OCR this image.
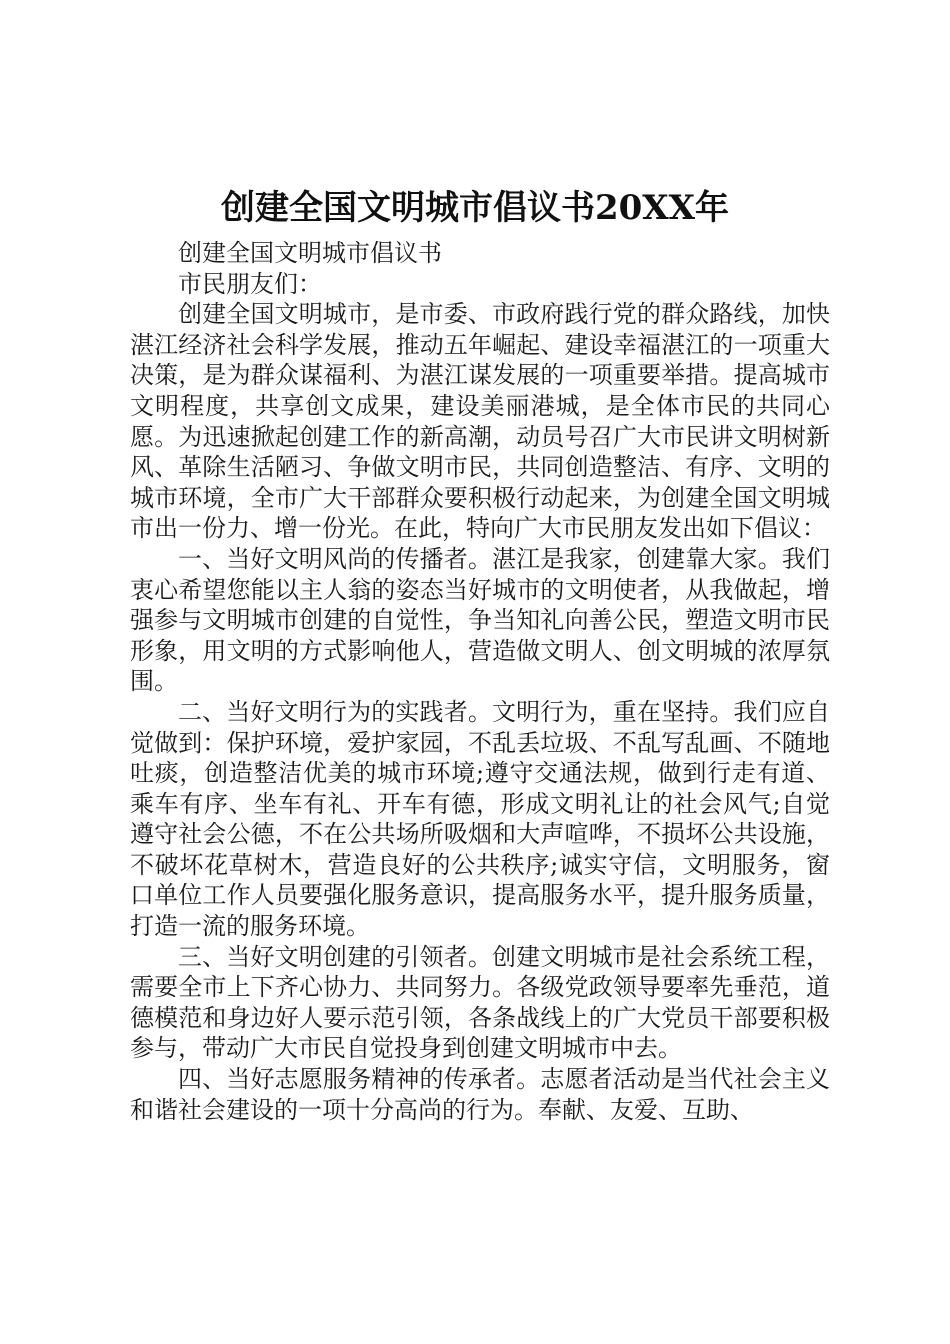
创建全国文明城市倡议书20XX年

创建全国文明城市倡议书

市民朋友们：

创建全国文明城市，是市委、市政府践行党的群众路线，加快湛江经济社会科学发展，推动五年崛起、建设幸福湛江的一项重大决策，是为群众谋福利、为湛江谋发展的一项重要举措。提高城市文明程度，共享创文成果，建设美丽港城，是全体市民的共同心愿。为迅速掀起创建工作的新高潮，动员号召广大市民讲文明树新风、革除生活陋习、争做文明市民，共同创造整洁、有序、文明的城市环境，全市广大干部群众要积极行动起来，为创建全国文明城市出一份力、增一份光。在此，特向广大市民朋友发出如下倡议：

一、当好文明风尚的传播者。湛江是我家，创建靠大家。我们衷心希望您能以主人翁的姿态当好城市的文明使者，从我做起，增强参与文明城市创建的自觉性，争当知礼向善公民，塑造文明市民形象，用文明的方式影响他人，营造做文明人、创文明城的浓厚氛围。

二、当好文明行为的实践者。文明行为，重在坚持。我们应自觉做到：保护环境，爱护家园，不乱丢垃圾、不乱写乱画、不随地吐痰，创造整洁优美的城市环境;遵守交通法规，做到行走有道、乘车有序、坐车有礼、开车有德，形成文明礼让的社会风气;自觉遵守社会公德，不在公共场所吸烟和大声喧哗，不损坏公共设施，不破坏花草树木，营造良好的公共秩序;诚实守信，文明服务，窗口单位工作人员要强化服务意识，提高服务水平，提升服务质量，打造一流的服务环境。

三、当好文明创建的引领者。创建文明城市是社会系统工程，需要全市上下齐心协力、共同努力。各级党政领导要率先垂范，道德模范和身边好人要示范引领，各条战线上的广大党员干部要积极参与，带动广大市民自觉投身到创建文明城市中去。

四、当好志愿服务精神的传承者。志愿者活动是当代社会主义和谐社会建设的一项十分高尚的行为。奉献、友爱、互助、
